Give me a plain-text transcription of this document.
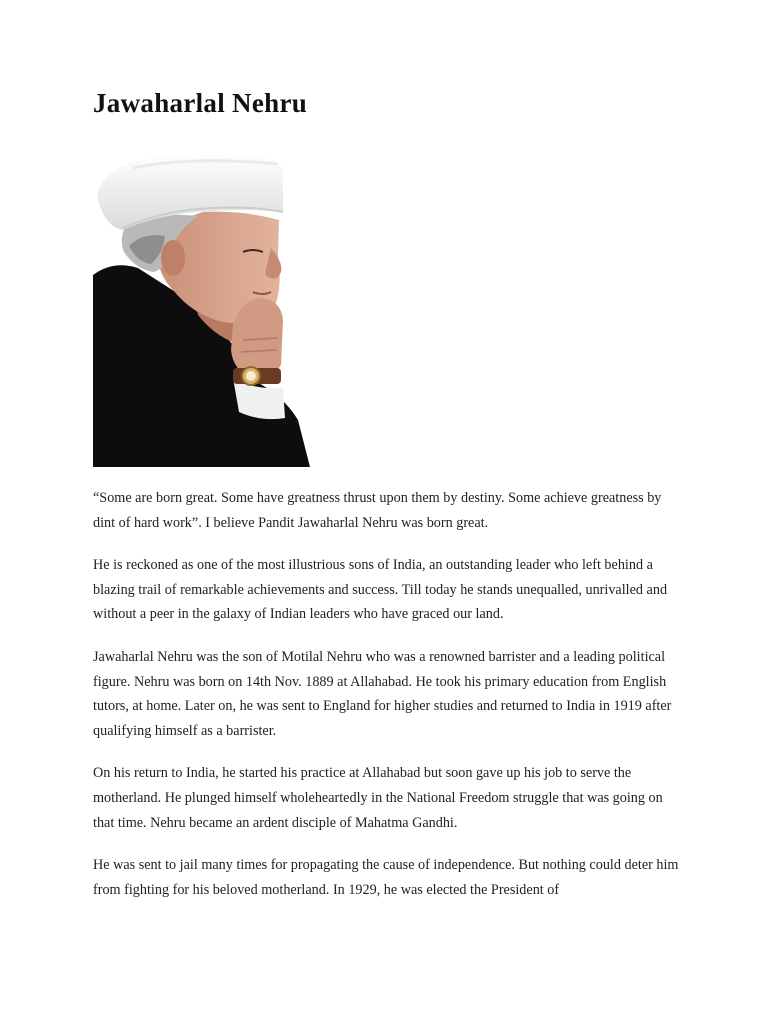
Jawaharlal Nehru

“Some are born great. Some have greatness thrust upon them by destiny. Some achieve greatness by dint of hard work”. I believe Pandit Jawaharlal Nehru was born great.

He is reckoned as one of the most illustrious sons of India, an outstanding leader who left behind a blazing trail of remarkable achievements and success. Till today he stands unequalled, unrivalled and without a peer in the galaxy of Indian leaders who have graced our land.

Jawaharlal Nehru was the son of Motilal Nehru who was a renowned barrister and a leading political figure. Nehru was born on 14th Nov. 1889 at Allahabad. He took his primary education from English tutors, at home. Later on, he was sent to England for higher studies and returned to India in 1919 after qualifying himself as a barrister.

On his return to India, he started his practice at Allahabad but soon gave up his job to serve the motherland. He plunged himself wholeheartedly in the National Freedom struggle that was going on that time. Nehru became an ardent disciple of Mahatma Gandhi.

He was sent to jail many times for propagating the cause of independence. But nothing could deter him from fighting for his beloved motherland. In 1929, he was elected the President of
